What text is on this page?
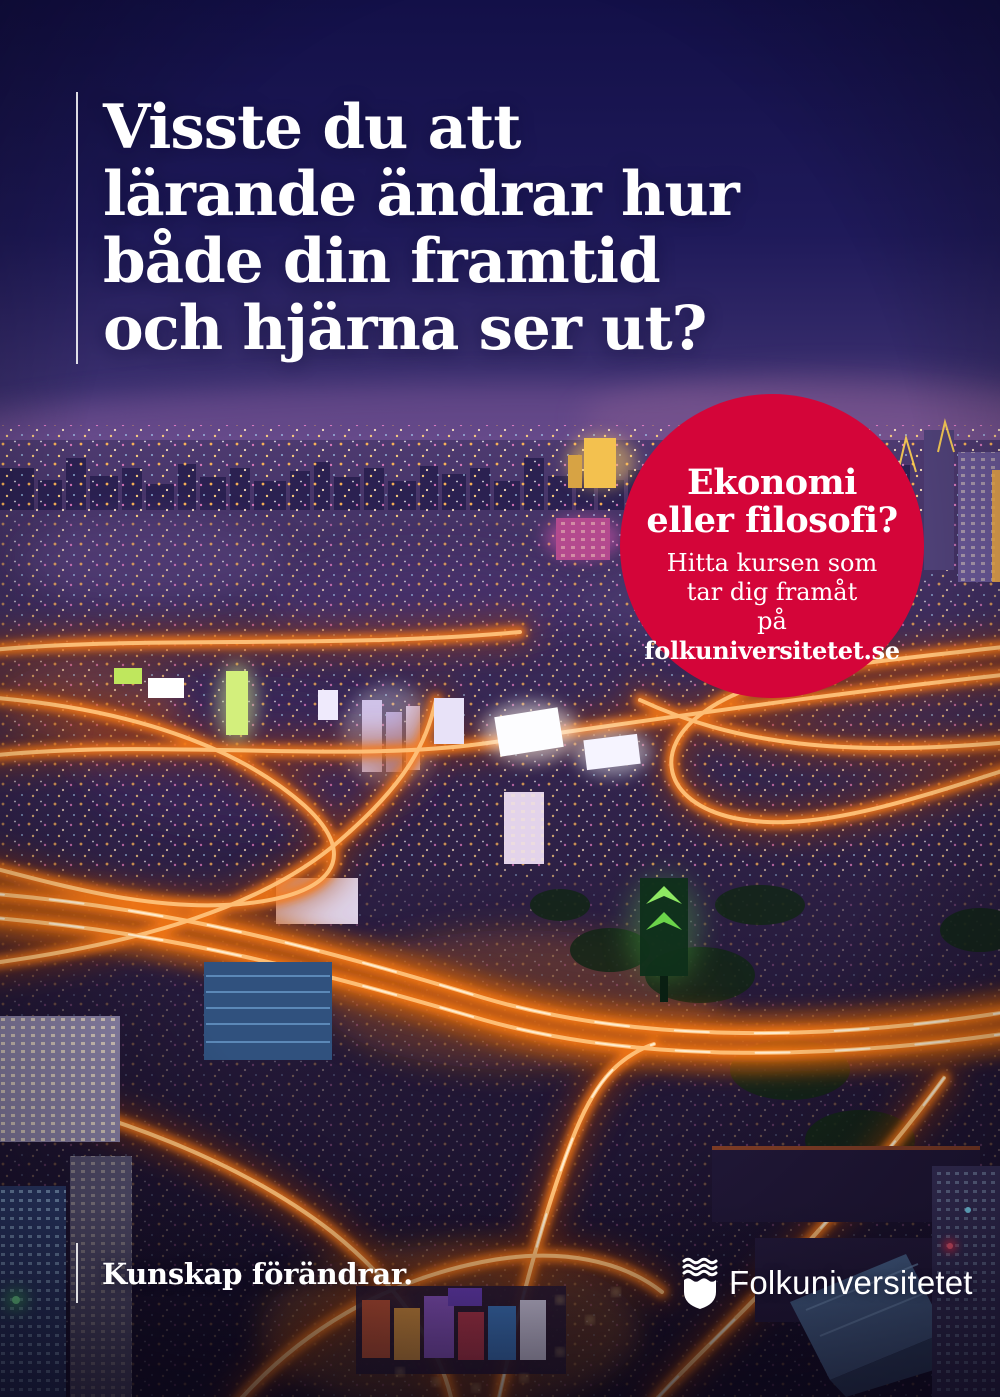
Visste du att
lärande ändrar hur
både din framtid
och hjärna ser ut?
Ekonomi
eller filosofi?
Hitta kursen som
tar dig framåt
på
folkuniversitetet.se
Kunskap förändrar.	Folkuniversitetet
